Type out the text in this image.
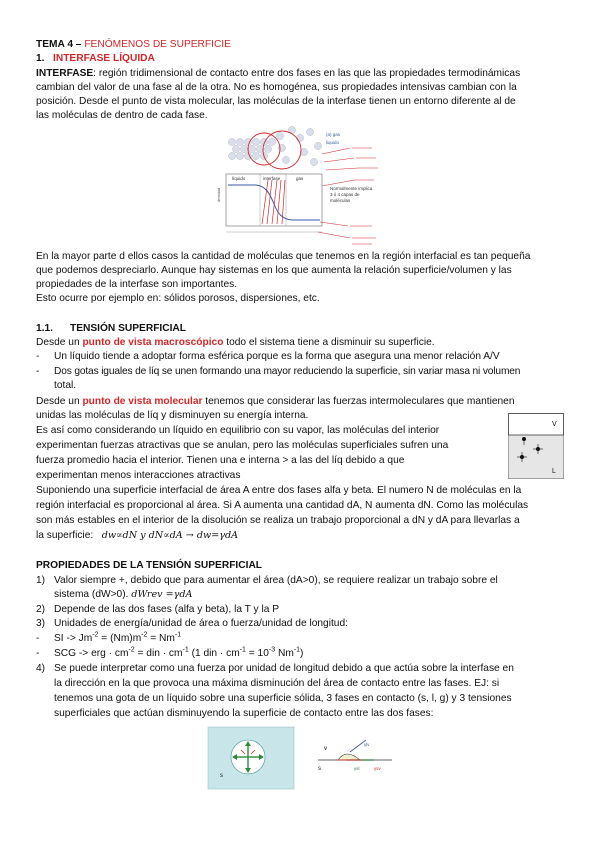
TEMA 4 – FENÓMENOS DE SUPERFICIE
1. INTERFASE LÍQUIDA
INTERFASE: región tridimensional de contacto entre dos fases en las que las propiedades termodinámicas
cambian del valor de una fase al de la otra. No es homogénea, sus propiedades intensivas cambian con la
posición. Desde el punto de vista molecular, las moléculas de la interfase tienen un entorno diferente al de
las moléculas de dentro de cada fase.
líquido	interfase	gas
densidad
(a) gas
liquido
Normalmente implica
3 ó 4 capas de
moléculas
En la mayor parte d ellos casos la cantidad de moléculas que tenemos en la región interfacial es tan pequeña
que podemos despreciarlo. Aunque hay sistemas en los que aumenta la relación superficie/volumen y las
propiedades de la interfase son importantes.
Esto ocurre por ejemplo en: sólidos porosos, dispersiones, etc.
1.1. TENSIÓN SUPERFICIAL
Desde un punto de vista macroscópico todo el sistema tiene a disminuir su superficie.
- Un líquido tiende a adoptar forma esférica porque es la forma que asegura una menor relación A/V
- Dos gotas iguales de líq se unen formando una mayor reduciendo la superficie, sin variar masa ni volumen
total.
Desde un punto de vista molecular tenemos que considerar las fuerzas intermoleculares que mantienen
unidas las moléculas de líq y disminuyen su energía interna.
Es así como considerando un líquido en equilibrio con su vapor, las moléculas del interior
experimentan fuerzas atractivas que se anulan, pero las moléculas superficiales sufren una
fuerza promedio hacia el interior. Tienen una e interna > a las del líq debido a que
experimentan menos interacciones atractivas
V
L
Suponiendo una superficie interfacial de área A entre dos fases alfa y beta. El numero N de moléculas en la
región interfacial es proporcional al área. Si A aumenta una cantidad dA, N aumenta dN. Como las moléculas
son más estables en el interior de la disolución se realiza un trabajo proporcional a dN y dA para llevarlas a
la superficie: dw∝dN y dN∝dA → dw=γdA
PROPIEDADES DE LA TENSIÓN SUPERFICIAL
1) Valor siempre +, debido que para aumentar el área (dA>0), se requiere realizar un trabajo sobre el
sistema (dW>0). dWrev =γdA
2) Depende de las dos fases (alfa y beta), la T y la P
3) Unidades de energía/unidad de área o fuerza/unidad de longitud:
- SI -> $Jm^{-2} = (Nm)m^{-2} = Nm^{-1}$
- SCG -> erg · $cm^{-2}$ = din · $cm^{-1}$ (1 din · $cm^{-1} = 10^{-3}$ $Nm^{-1}$)
4) Se puede interpretar como una fuerza por unidad de longitud debido a que actúa sobre la interfase en
la dirección en la que provoca una máxima disminución del área de contacto entre las fases. EJ: si
tenemos una gota de un líquido sobre una superficie sólida, 3 fases en contacto (s, l, g) y 3 tensiones
superficiales que actúan disminuyendo la superficie de contacto entre las dos fases:
s
v
s
γlv
γsl	γsv
